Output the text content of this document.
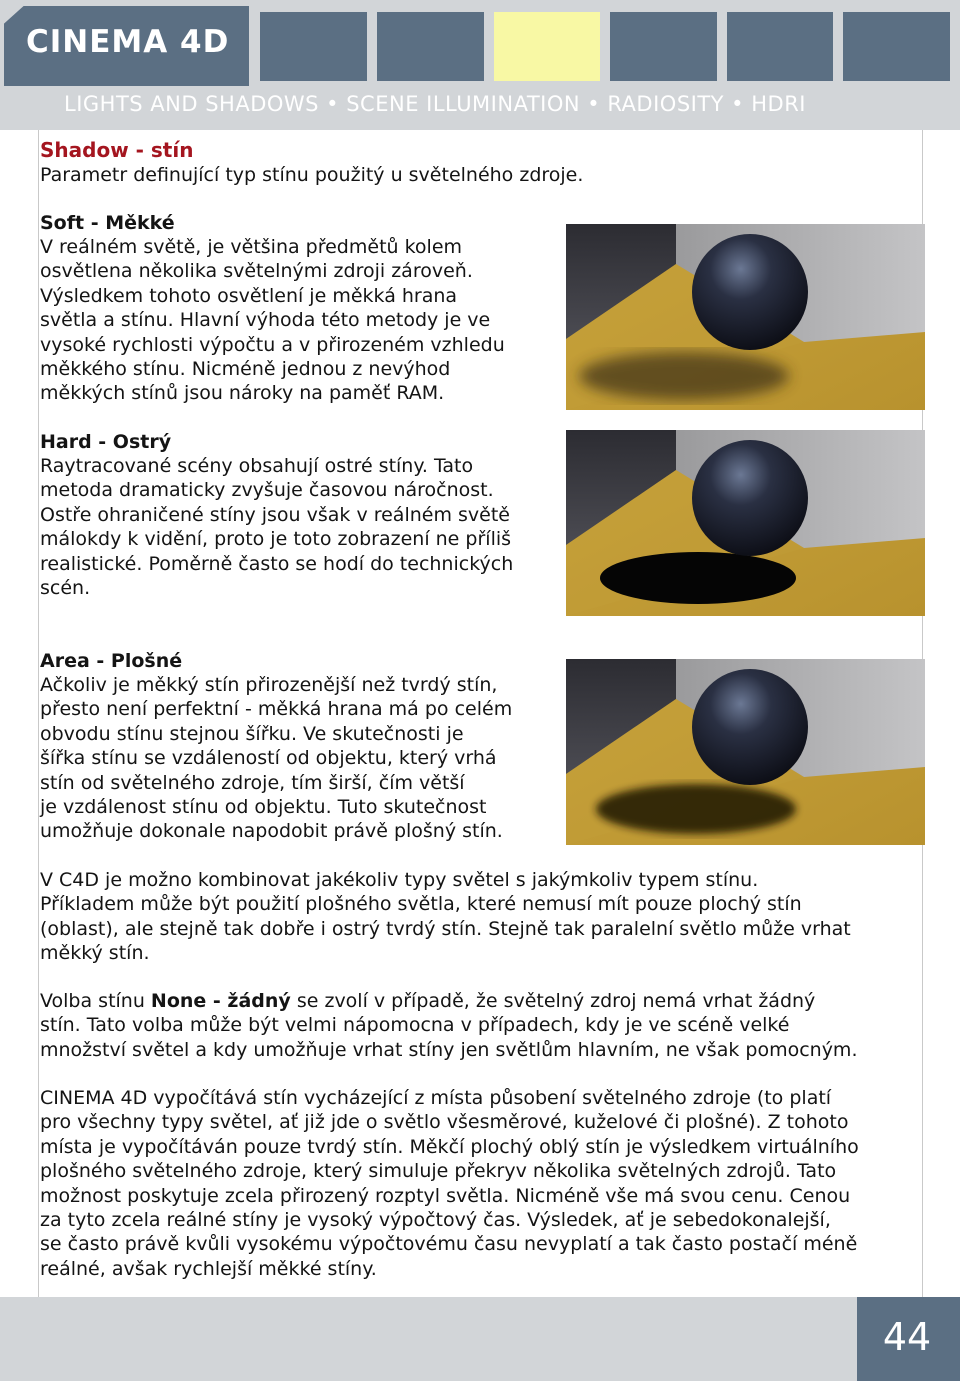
CINEMA 4D
LIGHTS AND SHADOWS • SCENE ILLUMINATION • RADIOSITY • HDRI
Shadow - stín
Parametr definující typ stínu použitý u světelného zdroje.
Soft - Měkké
V reálném světě, je většina předmětů kolem
osvětlena několika světelnými zdroji zároveň.
Výsledkem tohoto osvětlení je měkká hrana
světla a stínu. Hlavní výhoda této metody je ve
vysoké rychlosti výpočtu a v přirozeném vzhledu
měkkého stínu. Nicméně jednou z nevýhod
měkkých stínů jsou nároky na paměť RAM.
Hard - Ostrý
Raytracované scény obsahují ostré stíny. Tato
metoda dramaticky zvyšuje časovou náročnost.
Ostře ohraničené stíny jsou však v reálném světě
málokdy k vidění, proto je toto zobrazení ne příliš
realistické. Poměrně často se hodí do technických
scén.
Area - Plošné
Ačkoliv je měkký stín přirozenější než tvrdý stín,
přesto není perfektní - měkká hrana má po celém
obvodu stínu stejnou šířku. Ve skutečnosti je
šířka stínu se vzdáleností od objektu, který vrhá
stín od světelného zdroje, tím širší, čím větší
je vzdálenost stínu od objektu. Tuto skutečnost
umožňuje dokonale napodobit právě plošný stín.
V C4D je možno kombinovat jakékoliv typy světel s jakýmkoliv typem stínu.
Příkladem může být použití plošného světla, které nemusí mít pouze plochý stín
(oblast), ale stejně tak dobře i ostrý tvrdý stín. Stejně tak paralelní světlo může vrhat
měkký stín.
Volba stínu None - žádný se zvolí v případě, že světelný zdroj nemá vrhat žádný
stín. Tato volba může být velmi nápomocna v případech, kdy je ve scéně velké
množství světel a kdy umožňuje vrhat stíny jen světlům hlavním, ne však pomocným.
CINEMA 4D vypočítává stín vycházející z místa působení světelného zdroje (to platí
pro všechny typy světel, ať již jde o světlo všesměrové, kuželové či plošné). Z tohoto
místa je vypočítáván pouze tvrdý stín. Měkčí plochý oblý stín je výsledkem virtuálního
plošného světelného zdroje, který simuluje překryv několika světelných zdrojů. Tato
možnost poskytuje zcela přirozený rozptyl světla. Nicméně vše má svou cenu. Cenou
za tyto zcela reálné stíny je vysoký výpočtový čas. Výsledek, ať je sebedokonalejší,
se často právě kvůli vysokému výpočtovému času nevyplatí a tak často postačí méně
reálné, avšak rychlejší měkké stíny.
44
